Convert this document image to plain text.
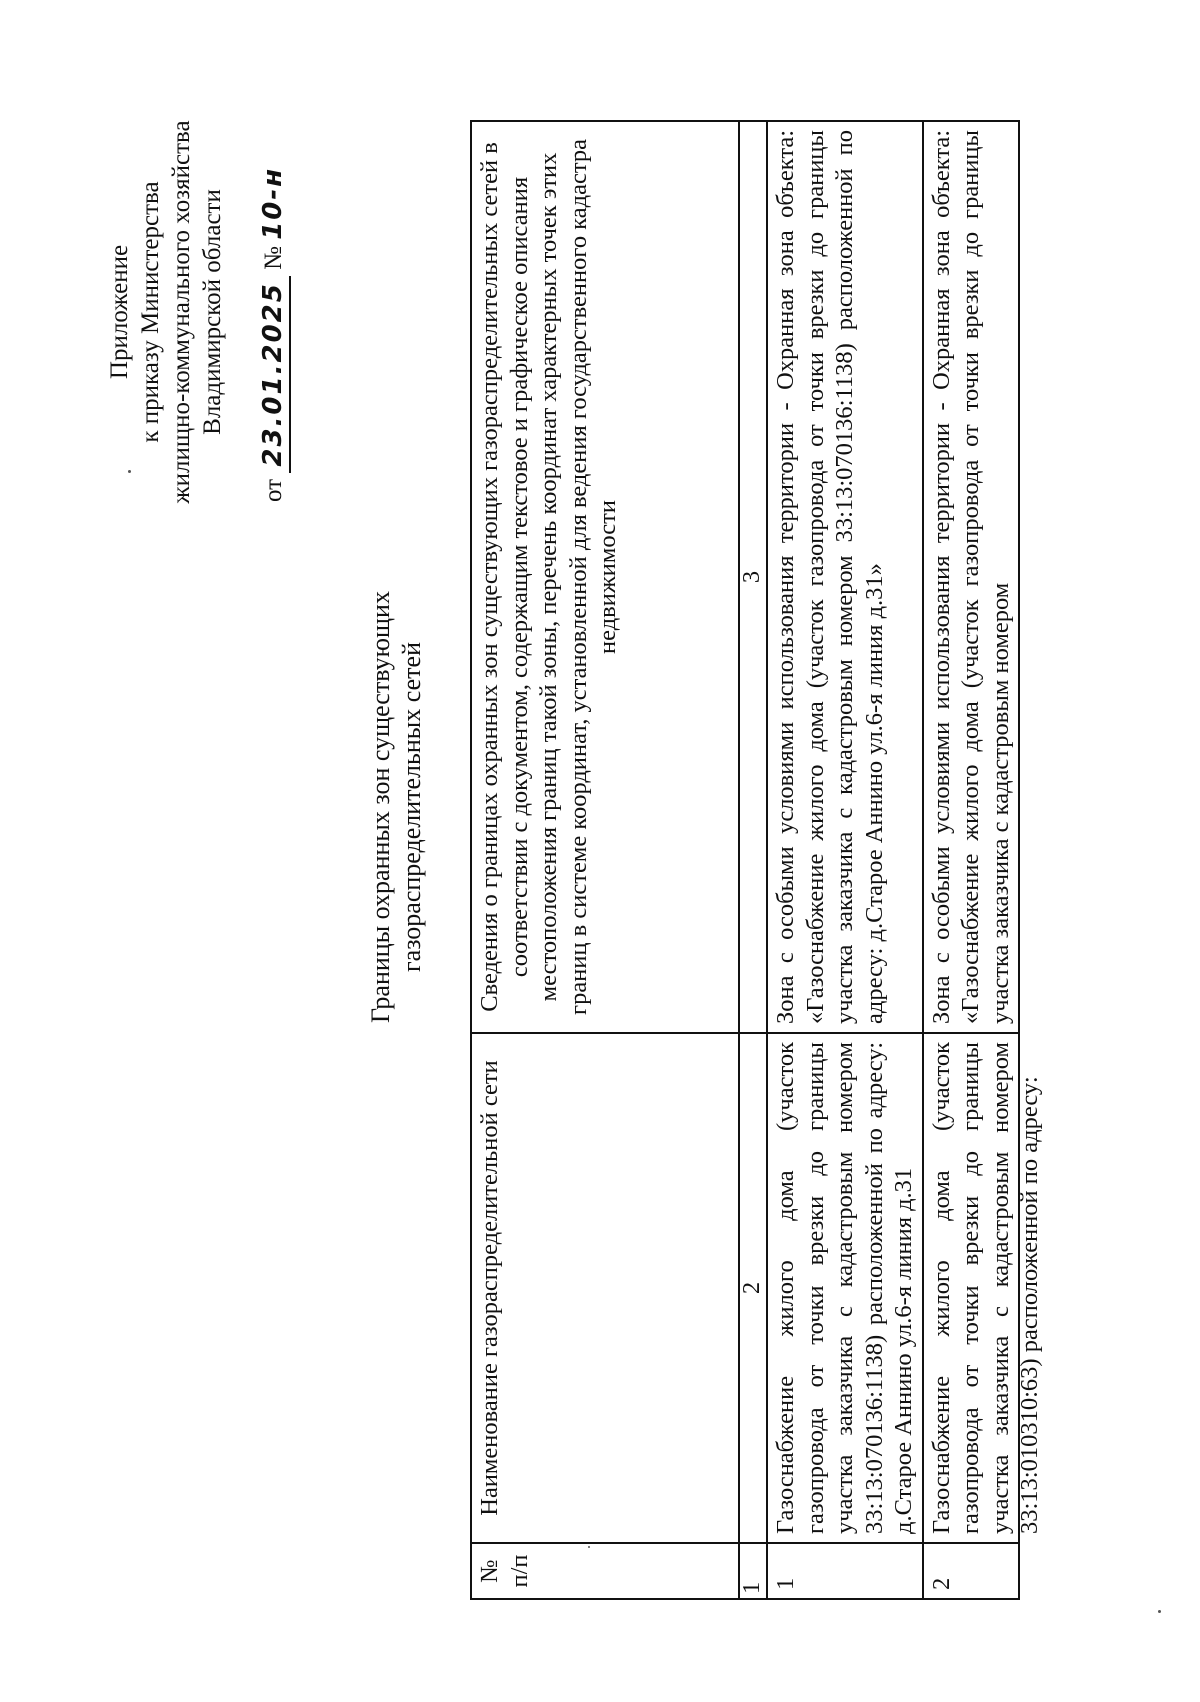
Приложение к приказу Министерства жилищно-коммунального хозяйства Владимирской области
от 23.01.2025 № 10-н
Границы охранных зон существующих газораспределительных сетей
№ п/п	Наименование газораспределительной сети	Сведения о границах охранных зон существующих газораспределительных сетей в соответствии с документом, содержащим текстовое и графическое описания местоположения границ такой зоны, перечень координат характерных точек этих границ в системе координат, установленной для ведения государственного кадастра недвижимости
1	2	3
1	Газоснабжение жилого дома (участок газопровода от точки врезки до границы участка заказчика с кадастровым номером 33:13:070136:1138) расположенной по адресу: д.Старое Аннино ул.6-я линия д.31	Зона с особыми условиями использования территории - Охранная зона объекта: «Газоснабжение жилого дома (участок газопровода от точки врезки до границы участка заказчика с кадастровым номером 33:13:070136:1138) расположенной по адресу: д.Старое Аннино ул.6-я линия д.31»

2	Газоснабжение жилого дома (участок газопровода от точки врезки до границы участка заказчика с кадастровым номером 33:13:010310:63) расположенной по адресу:	Зона с особыми условиями использования территории - Охранная зона объекта: «Газоснабжение жилого дома (участок газопровода от точки врезки до границы участка заказчика с кадастровым номером
